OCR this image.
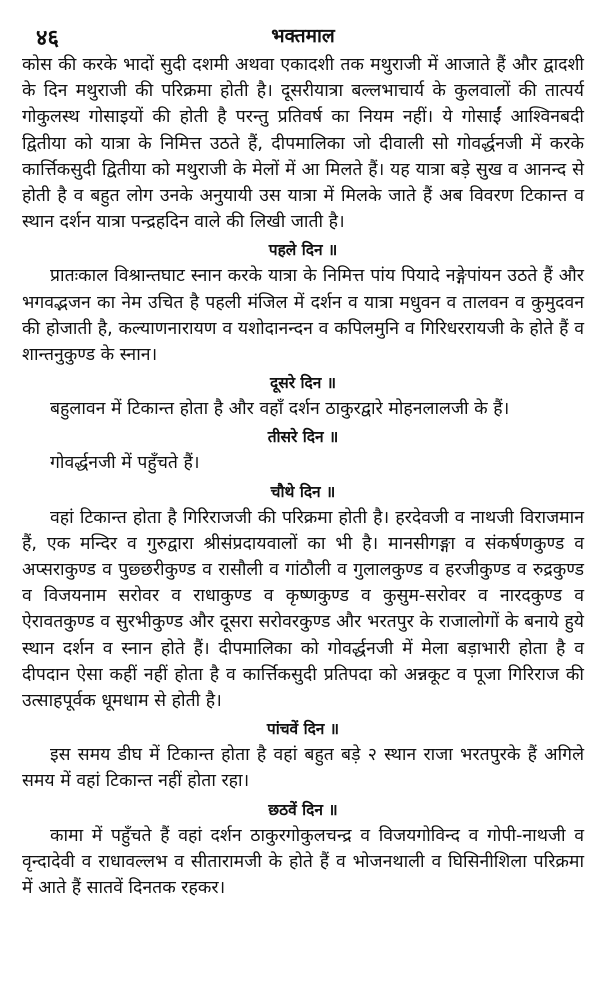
४६	भक्तमाल

कोस की करके भादों सुदी दशमी अथवा एकादशी तक मथुराजी में आजाते हैं और द्वादशी के दिन मथुराजी की परिक्रमा होती है। दूसरीयात्रा बल्लभाचार्य के कुलवालों की तात्पर्य गोकुलस्थ गोसाइयों की होती है परन्तु प्रतिवर्ष का नियम नहीं। ये गोसाईं आश्विनबदी द्वितीया को यात्रा के निमित्त उठते हैं, दीपमालिका जो दीवाली सो गोवर्द्धनजी में करके कार्त्तिकसुदी द्वितीया को मथुराजी के मेलों में आ मिलते हैं। यह यात्रा बड़े सुख व आनन्द से होती है व बहुत लोग उनके अनुयायी उस यात्रा में मिलके जाते हैं अब विवरण टिकान्त व स्थान दर्शन यात्रा पन्द्रहदिन वाले की लिखी जाती है।

पहले दिन ॥

प्रातःकाल विश्रान्तघाट स्नान करके यात्रा के निमित्त पांय पियादे नङ्गेपांयन उठते हैं और भगवद्भजन का नेम उचित है पहली मंजिल में दर्शन व यात्रा मधुवन व तालवन व कुमुदवन की होजाती है, कल्याणनारायण व यशोदानन्दन व कपिलमुनि व गिरिधररायजी के होते हैं व शान्तनुकुण्ड के स्नान।

दूसरे दिन ॥

बहुलावन में टिकान्त होता है और वहाँ दर्शन ठाकुरद्वारे मोहनलालजी के हैं।

तीसरे दिन ॥

गोवर्द्धनजी में पहुँचते हैं।

चौथे दिन ॥

वहां टिकान्त होता है गिरिराजजी की परिक्रमा होती है। हरदेवजी व नाथजी विराजमान हैं, एक मन्दिर व गुरुद्वारा श्रीसंप्रदायवालों का भी है। मानसीगङ्गा व संकर्षणकुण्ड व अप्सराकुण्ड व पुछ्छरीकुण्ड व रासौली व गांठौली व गुलालकुण्ड व हरजीकुण्ड व रुद्रकुण्ड व विजयनाम सरोवर व राधाकुण्ड व कृष्णकुण्ड व कुसुम-सरोवर व नारदकुण्ड व ऐरावतकुण्ड व सुरभीकुण्ड और दूसरा सरोवरकुण्ड और भरतपुर के राजालोगों के बनाये हुये स्थान दर्शन व स्नान होते हैं। दीपमालिका को गोवर्द्धनजी में मेला बड़ाभारी होता है व दीपदान ऐसा कहीं नहीं होता है व कार्त्तिकसुदी प्रतिपदा को अन्नकूट व पूजा गिरिराज की उत्साहपूर्वक धूमधाम से होती है।

पांचवें दिन ॥

इस समय डीघ में टिकान्त होता है वहां बहुत बड़े २ स्थान राजा भरतपुरके हैं अगिले समय में वहां टिकान्त नहीं होता रहा।

छठवें दिन ॥

कामा में पहुँचते हैं वहां दर्शन ठाकुरगोकुलचन्द्र व विजयगोविन्द व गोपी-नाथजी व वृन्दादेवी व राधावल्लभ व सीतारामजी के होते हैं व भोजनथाली व घिसिनीशिला परिक्रमा में आते हैं सातवें दिनतक रहकर।
